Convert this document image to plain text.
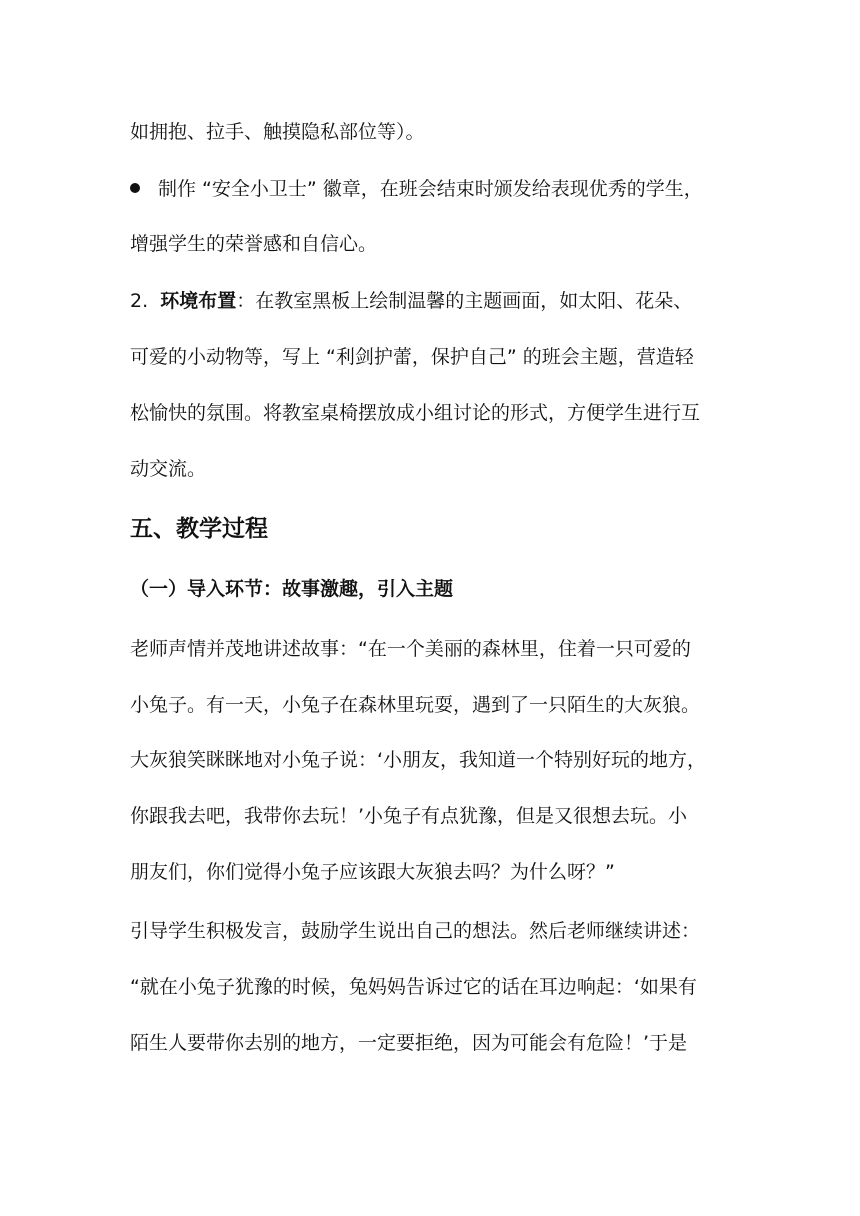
如拥抱、拉手、触摸隐私部位等）。
制作 “安全小卫士” 徽章，在班会结束时颁发给表现优秀的学生，
增强学生的荣誉感和自信心。
2. 环境布置：在教室黑板上绘制温馨的主题画面，如太阳、花朵、
可爱的小动物等，写上 “利剑护蕾，保护自己” 的班会主题，营造轻
松愉快的氛围。将教室桌椅摆放成小组讨论的形式，方便学生进行互
动交流。
五、教学过程
（一）导入环节：故事激趣，引入主题
老师声情并茂地讲述故事：“在一个美丽的森林里，住着一只可爱的
小兔子。有一天，小兔子在森林里玩耍，遇到了一只陌生的大灰狼。
大灰狼笑眯眯地对小兔子说：‘小朋友，我知道一个特别好玩的地方，
你跟我去吧，我带你去玩！’小兔子有点犹豫，但是又很想去玩。小
朋友们，你们觉得小兔子应该跟大灰狼去吗？为什么呀？”
引导学生积极发言，鼓励学生说出自己的想法。然后老师继续讲述：
“就在小兔子犹豫的时候，兔妈妈告诉过它的话在耳边响起：‘如果有
陌生人要带你去别的地方，一定要拒绝，因为可能会有危险！’于是
